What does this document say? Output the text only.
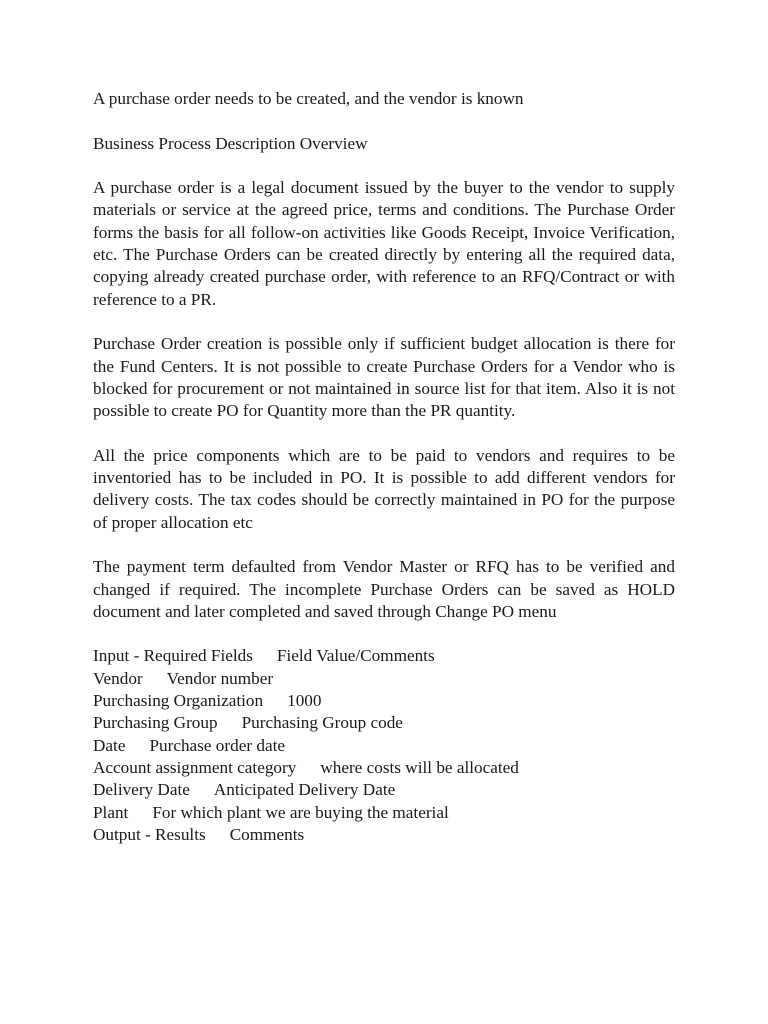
A purchase order needs to be created, and the vendor is known

Business Process Description Overview

A purchase order is a legal document issued by the buyer to the vendor to supply materials or service at the agreed price, terms and conditions. The Purchase Order forms the basis for all follow-on activities like Goods Receipt, Invoice Verification, etc. The Purchase Orders can be created directly by entering all the required data, copying already created purchase order, with reference to an RFQ/Contract or with reference to a PR.

Purchase Order creation is possible only if sufficient budget allocation is there for the Fund Centers. It is not possible to create Purchase Orders for a Vendor who is blocked for procurement or not maintained in source list for that item. Also it is not possible to create PO for Quantity more than the PR quantity.

All the price components which are to be paid to vendors and requires to be inventoried has to be included in PO. It is possible to add different vendors for delivery costs. The tax codes should be correctly maintained in PO for the purpose of proper allocation etc

The payment term defaulted from Vendor Master or RFQ has to be verified and changed if required. The incomplete Purchase Orders can be saved as HOLD document and later completed and saved through Change PO menu

Input - Required Fields Field Value/Comments

Vendor Vendor number

Purchasing Organization 1000

Purchasing Group Purchasing Group code

Date Purchase order date

Account assignment category where costs will be allocated

Delivery Date Anticipated Delivery Date

Plant For which plant we are buying the material

Output - Results Comments
